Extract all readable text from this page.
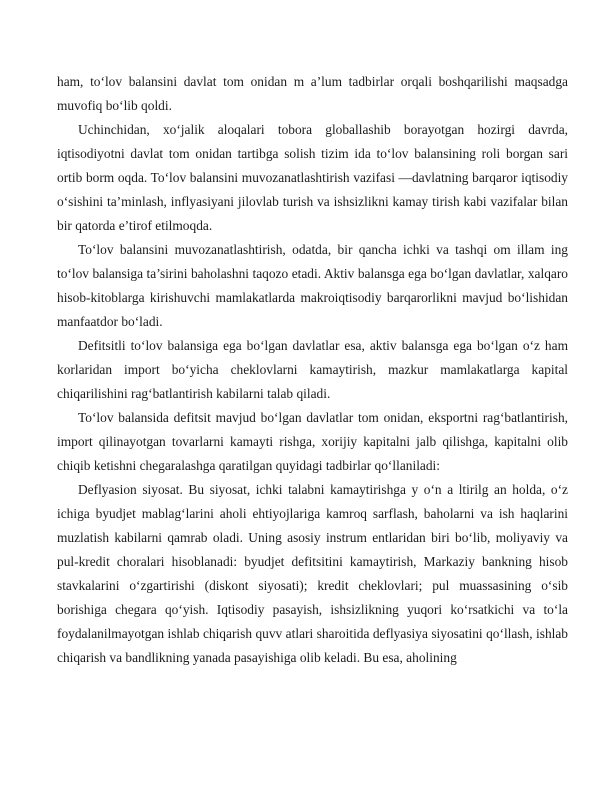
ham, to‘lov balansini davlat tom onidan m a’lum tadbirlar orqali boshqarilishi maqsadga muvofiq bo‘lib qoldi.

Uchinchidan, xo‘jalik aloqalari tobora globallashib borayotgan hozirgi davrda, iqtisodiyotni davlat tom onidan tartibga solish tizim ida to‘lov balansining roli borgan sari ortib borm oqda. To‘lov balansini muvozanatlashtirish vazifasi —davlatning barqaror iqtisodiy o‘sishini ta’minlash, inflyasiyani jilovlab turish va ishsizlikni kamay tirish kabi vazifalar bilan bir qatorda e’tirof etilmoqda.

To‘lov balansini muvozanatlashtirish, odatda, bir qancha ichki va tashqi om illam ing to‘lov balansiga ta’sirini baholashni taqozo etadi. Aktiv balansga ega bo‘lgan davlatlar, xalqaro hisob-kitoblarga kirishuvchi mamlakatlarda makroiqtisodiy barqarorlikni mavjud bo‘lishidan manfaatdor bo‘ladi.

Defitsitli to‘lov balansiga ega bo‘lgan davlatlar esa, aktiv balansga ega bo‘lgan o‘z ham korlaridan import bo‘yicha cheklovlarni kamaytirish, mazkur mamlakatlarga kapital chiqarilishini rag‘batlantirish kabilarni talab qiladi.

To‘lov balansida defitsit mavjud bo‘lgan davlatlar tom onidan, eksportni rag‘batlantirish, import qilinayotgan tovarlarni kamayti rishga, xorijiy kapitalni jalb qilishga, kapitalni olib chiqib ketishni chegaralashga qaratilgan quyidagi tadbirlar qo‘llaniladi:

Deflyasion siyosat. Bu siyosat, ichki talabni kamaytirishga y o‘n a ltirilg an holda, o‘z ichiga byudjet mablag‘larini aholi ehtiyojlariga kamroq sarflash, baholarni va ish haqlarini muzlatish kabilarni qamrab oladi. Uning asosiy instrum entlaridan biri bo‘lib, moliyaviy va pul-kredit choralari hisoblanadi: byudjet defitsitini kamaytirish, Markaziy bankning hisob stavkalarini o‘zgartirishi (diskont siyosati); kredit cheklovlari; pul muassasining o‘sib borishiga chegara qo‘yish. Iqtisodiy pasayish, ishsizlikning yuqori ko‘rsatkichi va to‘la foydalanilmayotgan ishlab chiqarish quvv atlari sharoitida deflyasiya siyosatini qo‘llash, ishlab chiqarish va bandlikning yanada pasayishiga olib keladi. Bu esa, aholining
